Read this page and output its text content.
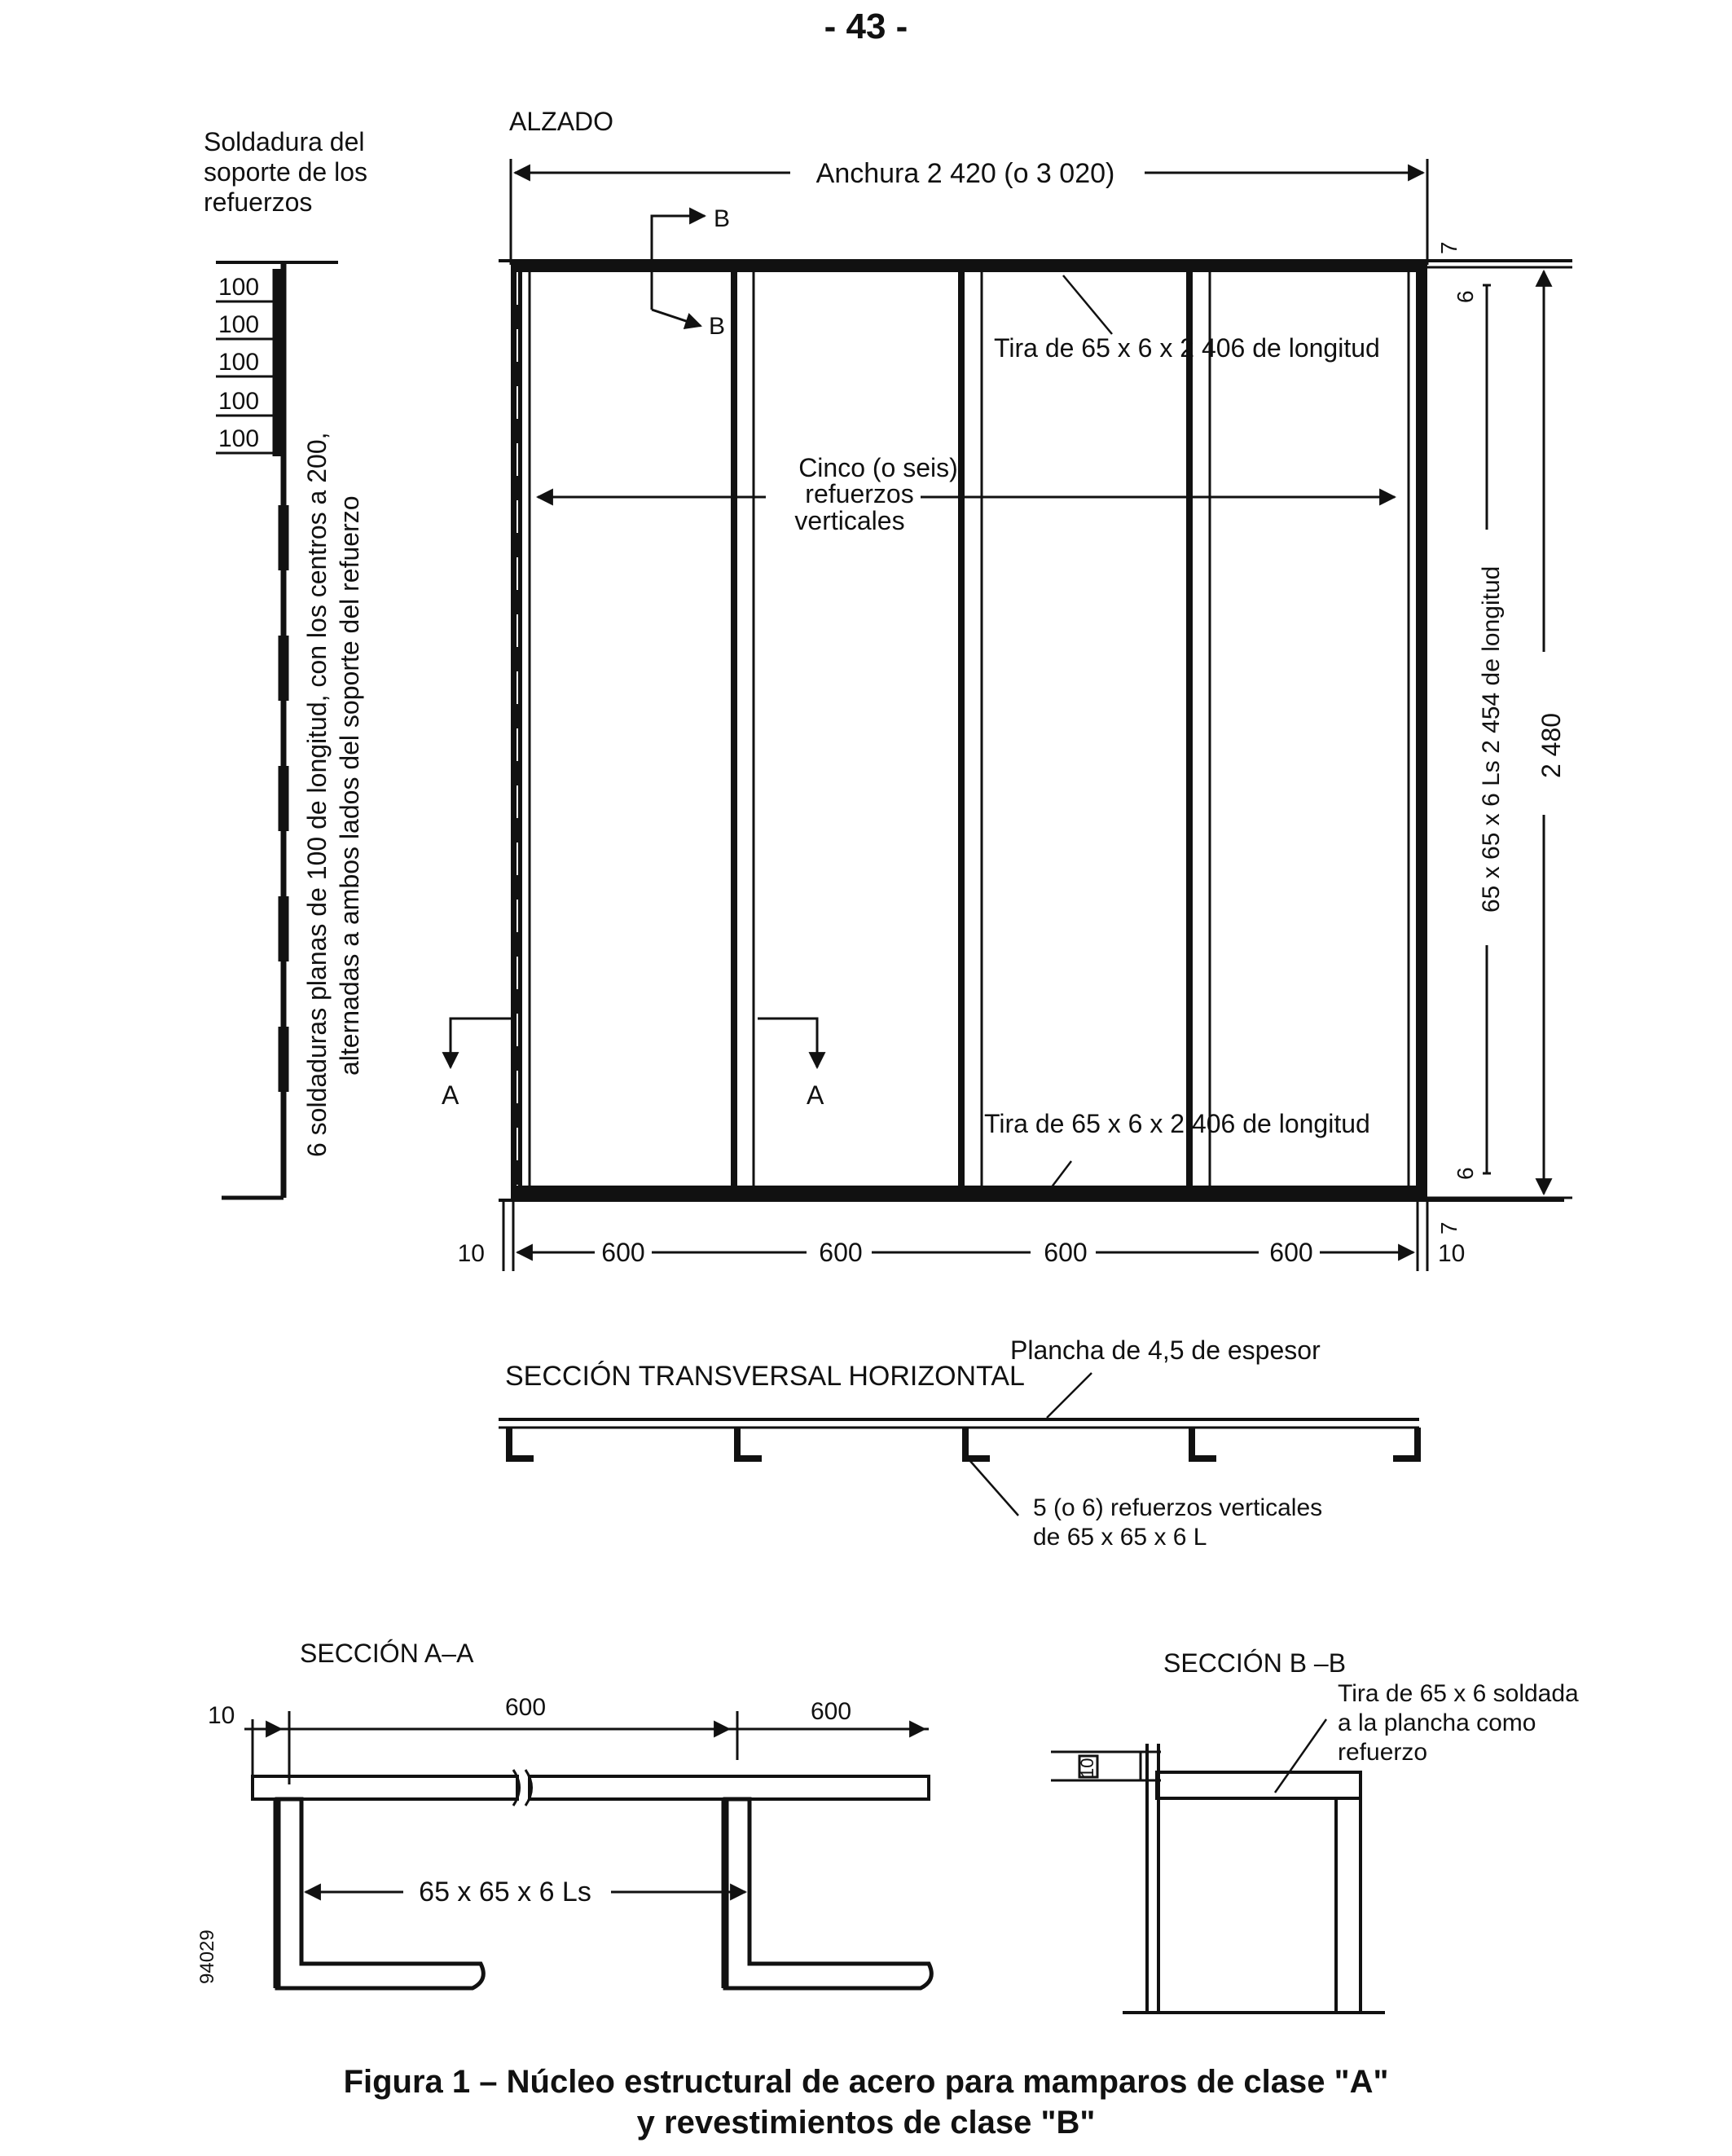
- 43 -
Soldadura del
soporte de los
refuerzos
100
100
100
100
100 6 soldaduras planas de 100 de longitud, con los centros a 200, alternadas a ambos lados del soporte del refuerzo
ALZADO
Anchura 2 420 (o 3 020)
Tira de 65 x 6 x 2 406 de longitud
Tira de 65 x 6 x 2 406 de longitud
Cinco (o seis)
refuerzos
verticales
65 x 65 x 6 Ls 2 454 de longitud 2 480
7
6
6
7
10	10
600	600	600	600
B
B
A	A
SECCIÓN TRANSVERSAL HORIZONTAL
Plancha de 4,5 de espesor
5 (o 6) refuerzos verticales
de 65 x 65 x 6 L
SECCIÓN A–A
10	600	600
65 x 65 x 6 Ls
94029
SECCIÓN B –B
Tira de 65 x 6 soldada
a la plancha como
refuerzo
10
Figura 1 – Núcleo estructural de acero para mamparos de clase "A"
y revestimientos de clase "B"
